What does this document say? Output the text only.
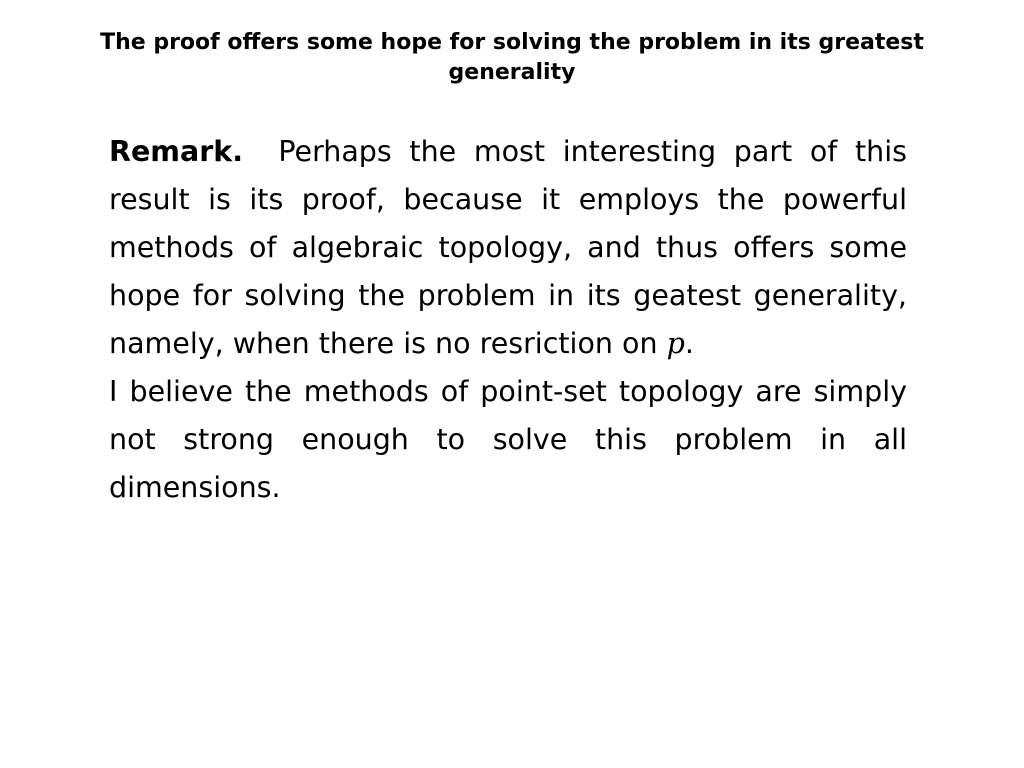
The proof offers some hope for solving the problem in its greatest generality

Remark. Perhaps the most interesting part of this result is its proof, because it employs the powerful methods of algebraic topology, and thus offers some hope for solving the problem in its geatest generality, namely, when there is no resriction on p.

I believe the methods of point-set topology are simply not strong enough to solve this problem in all dimensions.
